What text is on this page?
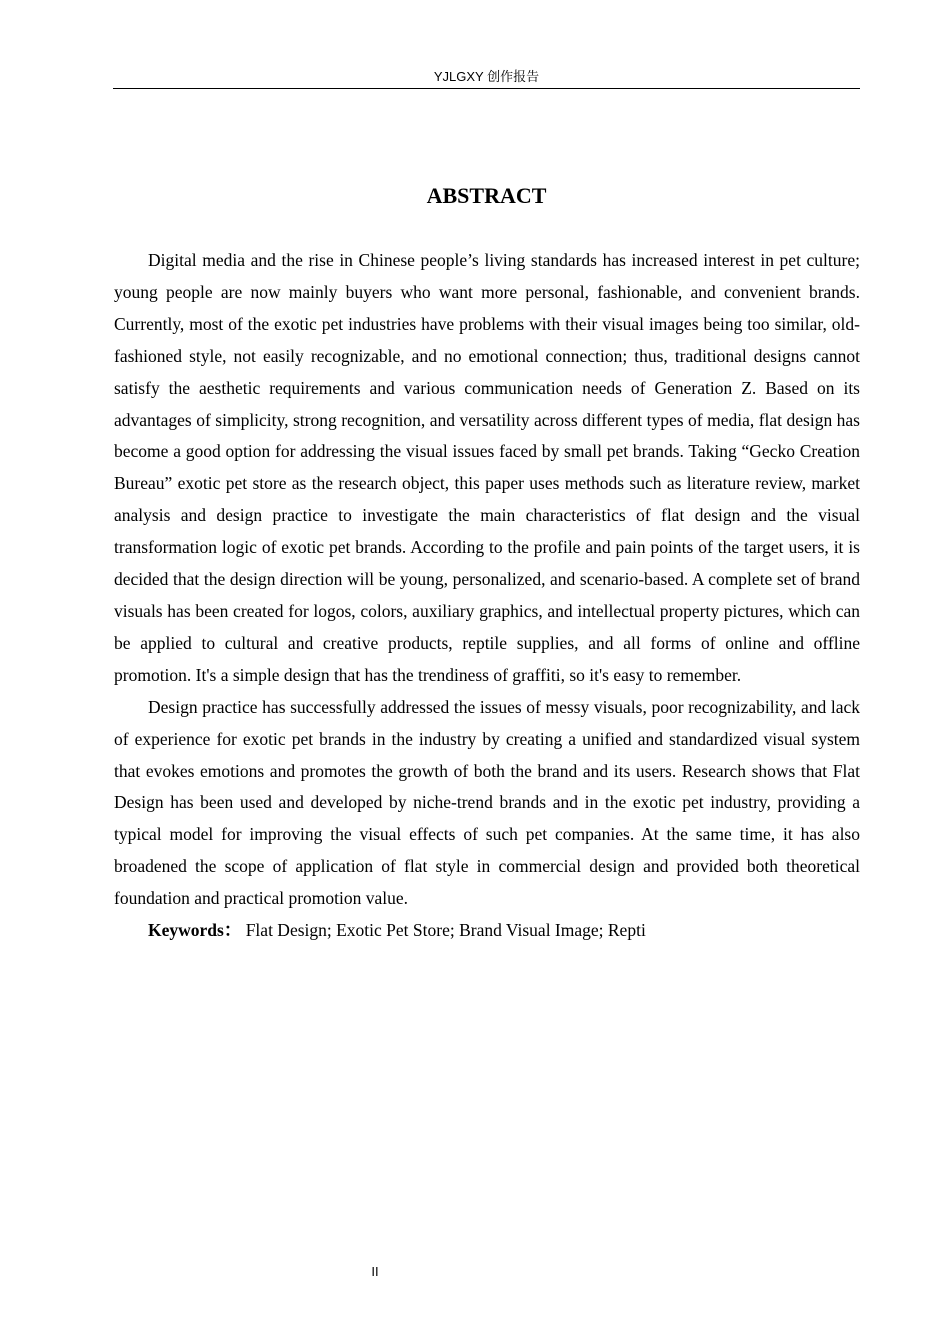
YJLGXY 创作报告
ABSTRACT

Digital media and the rise in Chinese people’s living standards has increased interest in pet culture; young people are now mainly buyers who want more personal, fashionable, and convenient brands. Currently, most of the exotic pet industries have problems with their visual images being too similar, old-fashioned style, not easily recognizable, and no emotional connection; thus, traditional designs cannot satisfy the aesthetic requirements and various communication needs of Generation Z. Based on its advantages of simplicity, strong recognition, and versatility across different types of media, flat design has become a good option for addressing the visual issues faced by small pet brands. Taking “Gecko Creation Bureau” exotic pet store as the research object, this paper uses methods such as literature review, market analysis and design practice to investigate the main characteristics of flat design and the visual transformation logic of exotic pet brands. According to the profile and pain points of the target users, it is decided that the design direction will be young, personalized, and scenario-based. A complete set of brand visuals has been created for logos, colors, auxiliary graphics, and intellectual property pictures, which can be applied to cultural and creative products, reptile supplies, and all forms of online and offline promotion. It's a simple design that has the trendiness of graffiti, so it's easy to remember.

Design practice has successfully addressed the issues of messy visuals, poor recognizability, and lack of experience for exotic pet brands in the industry by creating a unified and standardized visual system that evokes emotions and promotes the growth of both the brand and its users. Research shows that Flat Design has been used and developed by niche-trend brands and in the exotic pet industry, providing a typical model for improving the visual effects of such pet companies. At the same time, it has also broadened the scope of application of flat style in commercial design and provided both theoretical foundation and practical promotion value.

Keywords： Flat Design; Exotic Pet Store; Brand Visual Image; Repti

II
